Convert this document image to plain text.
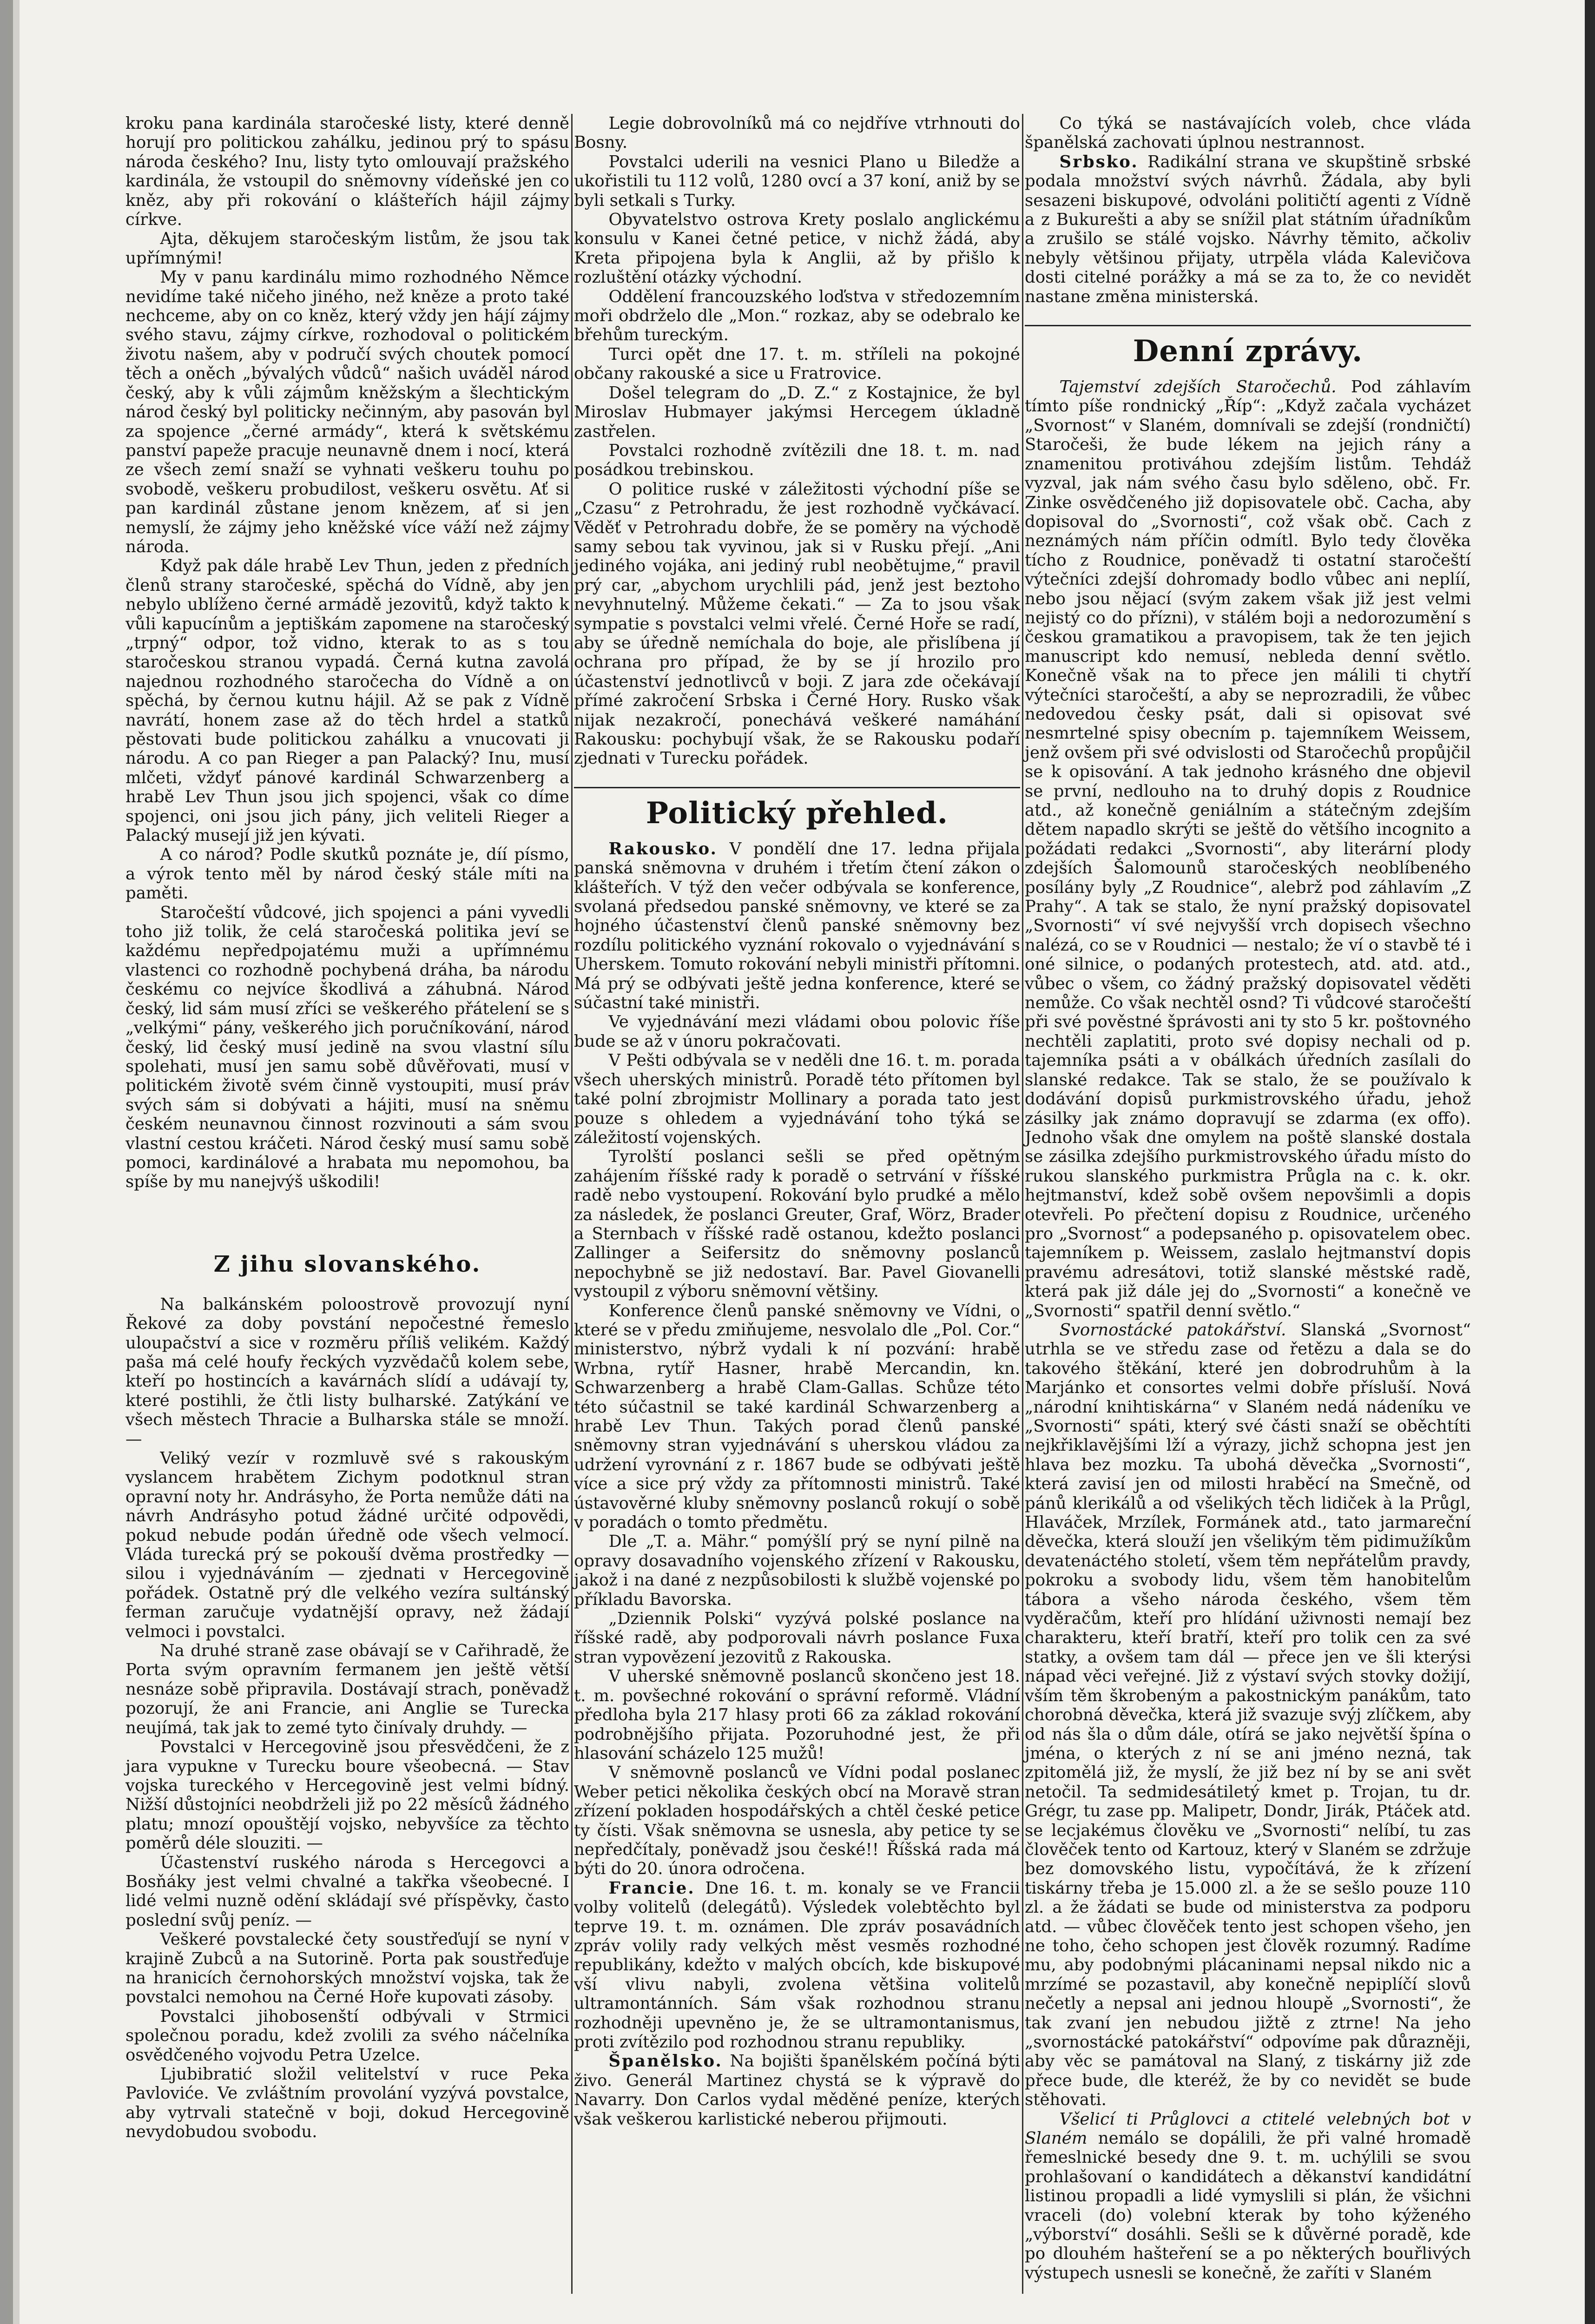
kroku pana kardinála staročeské listy, které denně horují pro politickou zahálku, jedinou prý to spásu národa českého? Inu, listy tyto omlouvají pražského kardinála, že vstoupil do sněmovny vídeňské jen co kněz, aby při rokování o klášteřích hájil zájmy církve.

Ajta, děkujem staročeským listům, že jsou tak upřímnými!

My v panu kardinálu mimo rozhodného Němce nevidíme také ničeho jiného, než kněze a proto také nechceme, aby on co kněz, který vždy jen hájí zájmy svého stavu, zájmy církve, rozhodoval o politickém životu našem, aby v područí svých choutek pomocí těch a oněch „bývalých vůdců“ našich uváděl národ český, aby k vůli zájmům kněžským a šlechtickým národ český byl politicky nečinným, aby pasován byl za spojence „černé armády“, která k světskému panství papeže pracuje neunavně dnem i nocí, která ze všech zemí snaží se vyhnati veškeru touhu po svobodě, veškeru probudilost, veškeru osvětu. Ať si pan kardinál zůstane jenom knězem, ať si jen nemyslí, že zájmy jeho kněžské více váží než zájmy národa.

Když pak dále hrabě Lev Thun, jeden z předních členů strany staročeské, spěchá do Vídně, aby jen nebylo ublíženo černé armádě jezovitů, když takto k vůli kapucínům a jeptiškám zapomene na staročeský „trpný“ odpor, tož vidno, kterak to as s tou staročeskou stranou vypadá. Černá kutna zavolá najednou rozhodného staročecha do Vídně a on spěchá, by černou kutnu hájil. Až se pak z Vídně navrátí, honem zase až do těch hrdel a statků pěstovati bude politickou zahálku a vnucovati ji národu. A co pan Rieger a pan Palacký? Inu, musí mlčeti, vždyť pánové kardinál Schwarzenberg a hrabě Lev Thun jsou jich spojenci, však co díme spojenci, oni jsou jich pány, jich veliteli Rieger a Palacký musejí již jen kývati.

A co národ? Podle skutků poznáte je, díí písmo, a výrok tento měl by národ český stále míti na paměti.

Staročeští vůdcové, jich spojenci a páni vyvedli toho již tolik, že celá staročeská politika jeví se každému nepředpojatému muži a upřímnému vlastenci co rozhodně pochybená dráha, ba národu českému co nejvíce škodlivá a záhubná. Národ český, lid sám musí zříci se veškerého přátelení se s „velkými“ pány, veškerého jich poručníkování, národ český, lid český musí jedině na svou vlastní sílu spolehati, musí jen samu sobě důvěřovati, musí v politickém životě svém činně vystoupiti, musí práv svých sám si dobývati a hájiti, musí na sněmu českém neunavnou činnost rozvinouti a sám svou vlastní cestou kráčeti. Národ český musí samu sobě pomoci, kardinálové a hrabata mu nepomohou, ba spíše by mu nanejvýš uškodili!

Z jihu slovanského.

Na balkánském poloostrově provozují nyní Řekové za doby povstání nepočestné řemeslo uloupačství a sice v rozměru příliš velikém. Každý paša má celé houfy řeckých vyzvědačů kolem sebe, kteří po hostincích a kavárnách slídí a udávají ty, které postihli, že čtli listy bulharské. Zatýkání ve všech městech Thracie a Bulharska stále se množí. —

Veliký vezír v rozmluvě své s rakouským vyslancem hrabětem Zichym podotknul stran opravní noty hr. Andrásyho, že Porta nemůže dáti na návrh Andrásyho potud žádné určité odpovědi, pokud nebude podán úředně ode všech velmocí. Vláda turecká prý se pokouší dvěma prostředky — silou i vyjednáváním — zjednati v Hercegovině pořádek. Ostatně prý dle velkého vezíra sultánský ferman zaručuje vydatnější opravy, než žádají velmoci i povstalci.

Na druhé straně zase obávají se v Cařihradě, že Porta svým opravním fermanem jen ještě větší nesnáze sobě připravila. Dostávají strach, poněvadž pozorují, že ani Francie, ani Anglie se Turecka neujímá, tak jak to zemé tyto činívaly druhdy. —

Povstalci v Hercegovině jsou přesvědčeni, že z jara vypukne v Turecku boure všeobecná. — Stav vojska tureckého v Hercegovině jest velmi bídný. Nižší důstojníci neobdrželi již po 22 měsíců žádného platu; mnozí opouštějí vojsko, nebyvšíce za těchto poměrů déle slouziti. —

Účastenství ruského národa s Hercegovci a Bosňáky jest velmi chvalné a takřka všeobecné. I lidé velmi nuzně odění skládají své příspěvky, často poslední svůj peníz. —

Veškeré povstalecké čety soustřeďují se nyní v krajině Zubců a na Sutorině. Porta pak soustřeďuje na hranicích černohorských množství vojska, tak že povstalci nemohou na Černé Hoře kupovati zásoby.

Povstalci jihobosenští odbývali v Strmici společnou poradu, kdež zvolili za svého náčelníka osvědčeného vojvodu Petra Uzelce.

Ljubibratić složil velitelství v ruce Peka Pavloviće. Ve zvláštním provolání vyzývá povstalce, aby vytrvali statečně v boji, dokud Hercegovině nevydobudou svobodu.

Legie dobrovolníků má co nejdříve vtrhnouti do Bosny.

Povstalci uderili na vesnici Plano u Biledže a ukořistili tu 112 volů, 1280 ovcí a 37 koní, aniž by se byli setkali s Turky.

Obyvatelstvo ostrova Krety poslalo anglickému konsulu v Kanei četné petice, v nichž žádá, aby Kreta připojena byla k Anglii, až by přišlo k rozluštění otázky východní.

Oddělení francouzského loďstva v středozemním moři obdrželo dle „Mon.“ rozkaz, aby se odebralo ke břehům tureckým.

Turci opět dne 17. t. m. stříleli na pokojné občany rakouské a sice u Fratrovice.

Došel telegram do „D. Z.“ z Kostajnice, že byl Miroslav Hubmayer jakýmsi Hercegem úkladně zastřelen.

Povstalci rozhodně zvítězili dne 18. t. m. nad posádkou trebinskou.

O politice ruské v záležitosti východní píše se „Czasu“ z Petrohradu, že jest rozhodně vyčkávací. Věděť v Petrohradu dobře, že se poměry na východě samy sebou tak vyvinou, jak si v Rusku přejí. „Ani jediného vojáka, ani jediný rubl neobětujme,“ pravil prý car, „abychom urychlili pád, jenž jest beztoho nevyhnutelný. Můžeme čekati.“ — Za to jsou však sympatie s povstalci velmi vřelé. Černé Hoře se radí, aby se úředně nemíchala do boje, ale přislíbena jí ochrana pro případ, že by se jí hrozilo pro účastenství jednotlivců v boji. Z jara zde očekávají přímé zakročení Srbska i Černé Hory. Rusko však nijak nezakročí, ponechává veškeré namáhání Rakousku: pochybují však, že se Rakousku podaří zjednati v Turecku pořádek.

Politický přehled.

Rakousko. V pondělí dne 17. ledna přijala panská sněmovna v druhém i třetím čtení zákon o klášteřích. V týž den večer odbývala se konference, svolaná předsedou panské sněmovny, ve které se za hojného účastenství členů panské sněmovny bez rozdílu politického vyznání rokovalo o vyjednávání s Uherskem. Tomuto rokování nebyli ministři přítomni. Má prý se odbývati ještě jedna konference, které se súčastní také ministři.

Ve vyjednávání mezi vládami obou polovic říše bude se až v únoru pokračovati.

V Pešti odbývala se v neděli dne 16. t. m. porada všech uherských ministrů. Poradě této přítomen byl také polní zbrojmistr Mollinary a porada tato jest pouze s ohledem a vyjednávání toho týká se záležitostí vojenských.

Tyrolští poslanci sešli se před opětným zahájením říšské rady k poradě o setrvání v říšské radě nebo vystoupení. Rokování bylo prudké a mělo za následek, že poslanci Greuter, Graf, Wörz, Brader a Sternbach v říšské radě ostanou, kdežto poslanci Zallinger a Seifersitz do sněmovny poslanců nepochybně se již nedostaví. Bar. Pavel Giovanelli vystoupil z výboru sněmovní většiny.

Konference členů panské sněmovny ve Vídni, o které se v předu zmiňujeme, nesvolalo dle „Pol. Cor.“ ministerstvo, nýbrž vydali k ní pozvání: hrabě Wrbna, rytíř Hasner, hrabě Mercandin, kn. Schwarzenberg a hrabě Clam-Gallas. Schůze této této súčastnil se také kardinál Schwarzenberg a hrabě Lev Thun. Takých porad členů panské sněmovny stran vyjednávání s uherskou vládou za udržení vyrovnání z r. 1867 bude se odbývati ještě více a sice prý vždy za přítomnosti ministrů. Také ústavověrné kluby sněmovny poslanců rokují o sobě v poradách o tomto předmětu.

Dle „T. a. Mähr.“ pomýšlí prý se nyní pilně na opravy dosavadního vojenského zřízení v Rakousku, jakož i na dané z nezpůsobilosti k službě vojenské po příkladu Bavorska.

„Dziennik Polski“ vyzývá polské poslance na říšské radě, aby podporovali návrh poslance Fuxa stran vypovězení jezovitů z Rakouska.

V uherské sněmovně poslanců skončeno jest 18. t. m. povšechné rokování o správní reformě. Vládní předloha byla 217 hlasy proti 66 za základ rokování podrobnějšího přijata. Pozoruhodné jest, že při hlasování scházelo 125 mužů!

V sněmovně poslanců ve Vídni podal poslanec Weber petici několika českých obcí na Moravě stran zřízení pokladen hospodářských a chtěl české petice ty čísti. Však sněmovna se usnesla, aby petice ty se nepředčítaly, poněvadž jsou české!! Říšská rada má býti do 20. února odročena.

Francie. Dne 16. t. m. konaly se ve Francii volby volitelů (delegátů). Výsledek volebtěchto byl teprve 19. t. m. oznámen. Dle zpráv posavádních zpráv volily rady velkých měst vesměs rozhodné republikány, kdežto v malých obcích, kde biskupové vší vlivu nabyli, zvolena většina volitelů ultramontánních. Sám však rozhodnou stranu rozhodněji upevněno je, že se ultramontanismus, proti zvítězilo pod rozhodnou stranu republiky.

Španělsko. Na bojišti španělském počíná býti živo. Generál Martinez chystá se k výpravě do Navarry. Don Carlos vydal měděné peníze, kterých však veškerou karlistické neberou přijmouti.

Co týká se nastávajících voleb, chce vláda španělská zachovati úplnou nestrannost.

Srbsko. Radikální strana ve skupštině srbské podala množství svých návrhů. Žádala, aby byli sesazeni biskupové, odvoláni političtí agenti z Vídně a z Bukurešti a aby se snížil plat státním úřadníkům a zrušilo se stálé vojsko. Návrhy těmito, ačkoliv nebyly většinou přijaty, utrpěla vláda Kalevičova dosti citelné porážky a má se za to, že co nevidět nastane změna ministerská.

Denní zprávy.

Tajemství zdejších Staročechů. Pod záhlavím tímto píše rondnický „Říp“: „Když začala vycházet „Svornost“ v Slaném, domnívali se zdejší (rondničtí) Staročeši, že bude lékem na jejich rány a znamenitou protiváhou zdejším listům. Tehdáž vyzval, jak nám svého času bylo sděleno, obč. Fr. Zinke osvědčeného již dopisovatele obč. Cacha, aby dopisoval do „Svornosti“, což však obč. Cach z neznámých nám příčin odmítl. Bylo tedy člověka tícho z Roudnice, poněvadž ti ostatní staročeští výtečníci zdejší dohromady bodlo vůbec ani neplíí, nebo jsou nějací (svým zakem však již jest velmi nejistý co do přízni), v stálém boji a nedorozumění s českou gramatikou a pravopisem, tak že ten jejich manuscript kdo nemusí, nebleda denní světlo. Konečně však na to přece jen málili ti chytří výtečníci staročeští, a aby se neprozradili, že vůbec nedovedou česky psát, dali si opisovat své nesmrtelné spisy obecním p. tajemníkem Weissem, jenž ovšem při své odvislosti od Staročechů propůjčil se k opisování. A tak jednoho krásného dne objevil se první, nedlouho na to druhý dopis z Roudnice atd., až konečně geniálním a státečným zdejším dětem napadlo skrýti se ještě do většího incognito a požádati redakci „Svornosti“, aby literární plody zdejších Šalomounů staročeských neoblíbeného posílány byly „Z Roudnice“, alebrž pod záhlavím „Z Prahy“. A tak se stalo, že nyní pražský dopisovatel „Svornosti“ ví své nejvyšší vrch dopisech všechno nalézá, co se v Roudnici — nestalo; že ví o stavbě té i oné silnice, o podaných protestech, atd. atd. atd., vůbec o všem, co žádný pražský dopisovatel věděti nemůže. Co však nechtěl osnd? Ti vůdcové staročeští při své pověstné šprávosti ani ty sto 5 kr. poštovného nechtěli zaplatiti, proto své dopisy nechali od p. tajemníka psáti a v obálkách úředních zasílali do slanské redakce. Tak se stalo, že se používalo k dodávání dopisů purkmistrovského úřadu, jehož zásilky jak známo dopravují se zdarma (ex offo). Jednoho však dne omylem na poště slanské dostala se zásilka zdejšího purkmistrovského úřadu místo do rukou slanského purkmistra Průgla na c. k. okr. hejtmanství, kdež sobě ovšem nepovšimli a dopis otevřeli. Po přečtení dopisu z Roudnice, určeného pro „Svornost“ a podepsaného p. opisovatelem obec. tajemníkem p. Weissem, zaslalo hejtmanství dopis pravému adresátovi, totiž slanské městské radě, která pak již dále jej do „Svornosti“ a konečně ve „Svornosti“ spatřil denní světlo.“

Svornostácké patokářství. Slanská „Svornost“ utrhla se ve středu zase od řetězu a dala se do takového štěkání, které jen dobrodruhům à la Marjánko et consortes velmi dobře přísluší. Nová „národní knihtiskárna“ v Slaném nedá nádeníku ve „Svornosti“ spáti, který své části snaží se oběchtíti nejkřiklavějšími lží a výrazy, jichž schopna jest jen hlava bez mozku. Ta ubohá děvečka „Svornosti“, která zavisí jen od milosti hraběcí na Smečně, od pánů klerikálů a od všelikých těch lidiček à la Průgl, Hlaváček, Mrzílek, Formánek atd., tato jarmareční děvečka, která slouží jen všelikým těm pidimužíkům devatenáctého století, všem těm nepřátelům pravdy, pokroku a svobody lidu, všem těm hanobitelům tábora a všeho národa českého, všem těm vyděračům, kteří pro hlídání uživnosti nemají bez charakteru, kteří bratří, kteří pro tolik cen za své statky, a ovšem tam dál — přece jen ve šli kterýsi nápad věci veřejné. Již z výstaví svých stovky dožijí, vším těm škrobeným a pakostnickým panákům, tato chorobná děvečka, která již svazuje svýj zlíčkem, aby od nás šla o dům dále, otírá se jako největší špína o jména, o kterých z ní se ani jméno nezná, tak zpitomělá již, že myslí, že již bez ní by se ani svět netočil. Ta sedmidesátiletý kmet p. Trojan, tu dr. Grégr, tu zase pp. Malipetr, Dondr, Jirák, Ptáček atd. se lecjakémus člověku ve „Svornosti“ nelíbí, tu zas člověček tento od Kartouz, který v Slaném se zdržuje bez domovského listu, vypočítává, že k zřízení tiskárny třeba je 15.000 zl. a že se sešlo pouze 110 zl. a že žádati se bude od ministerstva za podporu atd. — vůbec člověček tento jest schopen všeho, jen ne toho, čeho schopen jest člověk rozumný. Radíme mu, aby podobnými plácaninami nepsal nikdo nic a mrzímé se pozastavil, aby konečně nepiplíčí slovů nečetly a nepsal ani jednou hloupě „Svornosti“, že tak zvaní jen nebudou jižtě z ztrne! Na jeho „svornostácké patokářství“ odpovíme pak důrazněji, aby věc se památoval na Slaný, z tiskárny již zde přece bude, dle kteréž, že by co nevidět se bude stěhovati.

Všelicí ti Průglovci a ctitelé velebných bot v Slaném nemálo se dopálili, že při valné hromadě řemeslnické besedy dne 9. t. m. uchýlili se svou prohlašovaní o kandidátech a děkanství kandidátní listinou propadli a lidé vymyslili si plán, že všichni vraceli (do) volební kterak by toho kýženého „výborství“ dosáhli. Sešli se k důvěrné poradě, kde po dlouhém hašteření se a po některých bouřlivých výstupech usnesli se konečně, že zaříti v Slaném
